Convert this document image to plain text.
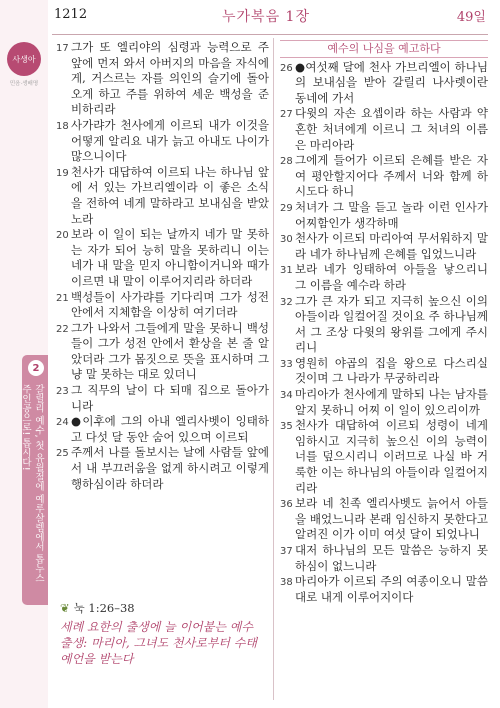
사생아
민음·생배명
2
갈릴리 예수, 첫 유월절에 예루살렘에서 톱누스 주인공으로! 톱시다!
1212	누가복음 1장	49일
17 그가 또 엘리야의 심령과 능력으로 주 앞에 먼저 와서 아버지의 마음을 자식에게, 거스르는 자를 의인의 슬기에 돌아오게 하고 주를 위하여 세운 백성을 준비하리라
18 사가랴가 천사에게 이르되 내가 이것을 어떻게 알리요 내가 늙고 아내도 나이가 많으니이다
19 천사가 대답하여 이르되 나는 하나님 앞에 서 있는 가브리엘이라 이 좋은 소식을 전하여 네게 말하라고 보내심을 받았노라
20 보라 이 일이 되는 날까지 네가 말 못하는 자가 되어 능히 말을 못하리니 이는 네가 내 말을 믿지 아니함이거니와 때가 이르면 내 말이 이루어지리라 하더라
21 백성들이 사가랴를 기다리며 그가 성전 안에서 지체함을 이상히 여기더라
22 그가 나와서 그들에게 말을 못하니 백성들이 그가 성전 안에서 환상을 본 줄 알았더라 그가 몸짓으로 뜻을 표시하며 그냥 말 못하는 대로 있더니
23 그 직무의 날이 다 되매 집으로 돌아가니라
24 ●이후에 그의 아내 엘리사벳이 잉태하고 다섯 달 동안 숨어 있으며 이르되
25 주께서 나를 돌보시는 날에 사람들 앞에서 내 부끄러움을 없게 하시려고 이렇게 행하심이라 하더라
예수의 나심을 예고하다
26 ●여섯째 달에 천사 가브리엘이 하나님의 보내심을 받아 갈릴리 나사렛이란 동네에 가서
27 다윗의 자손 요셉이라 하는 사람과 약혼한 처녀에게 이르니 그 처녀의 이름은 마리아라
28 그에게 들어가 이르되 은혜를 받은 자여 평안할지어다 주께서 너와 함께 하시도다 하니
29 처녀가 그 말을 듣고 놀라 이런 인사가 어찌함인가 생각하매
30 천사가 이르되 마리아여 무서워하지 말라 네가 하나님께 은혜를 입었느니라
31 보라 네가 잉태하여 아들을 낳으리니 그 이름을 예수라 하라
32 그가 큰 자가 되고 지극히 높으신 이의 아들이라 일컬어질 것이요 주 하나님께서 그 조상 다윗의 왕위를 그에게 주시리니
33 영원히 야곱의 집을 왕으로 다스리실 것이며 그 나라가 무궁하리라
34 마리아가 천사에게 말하되 나는 남자를 알지 못하니 어찌 이 일이 있으리이까
35 천사가 대답하여 이르되 성령이 네게 임하시고 지극히 높으신 이의 능력이 너를 덮으시리니 이러므로 나실 바 거룩한 이는 하나님의 아들이라 일컬어지리라
36 보라 네 친족 엘리사벳도 늙어서 아들을 배었느니라 본래 임신하지 못한다고 알려진 이가 이미 여섯 달이 되었나니
37 대저 하나님의 모든 말씀은 능하지 못하심이 없느니라
38 마리아가 이르되 주의 여종이오니 말씀대로 내게 이루어지이다
❦ 눅 1:26–38
세례 요한의 출생에 늘 이어붙는 예수 출생: 마리아, 그녀도 천사로부터 수태 예언을 받는다
